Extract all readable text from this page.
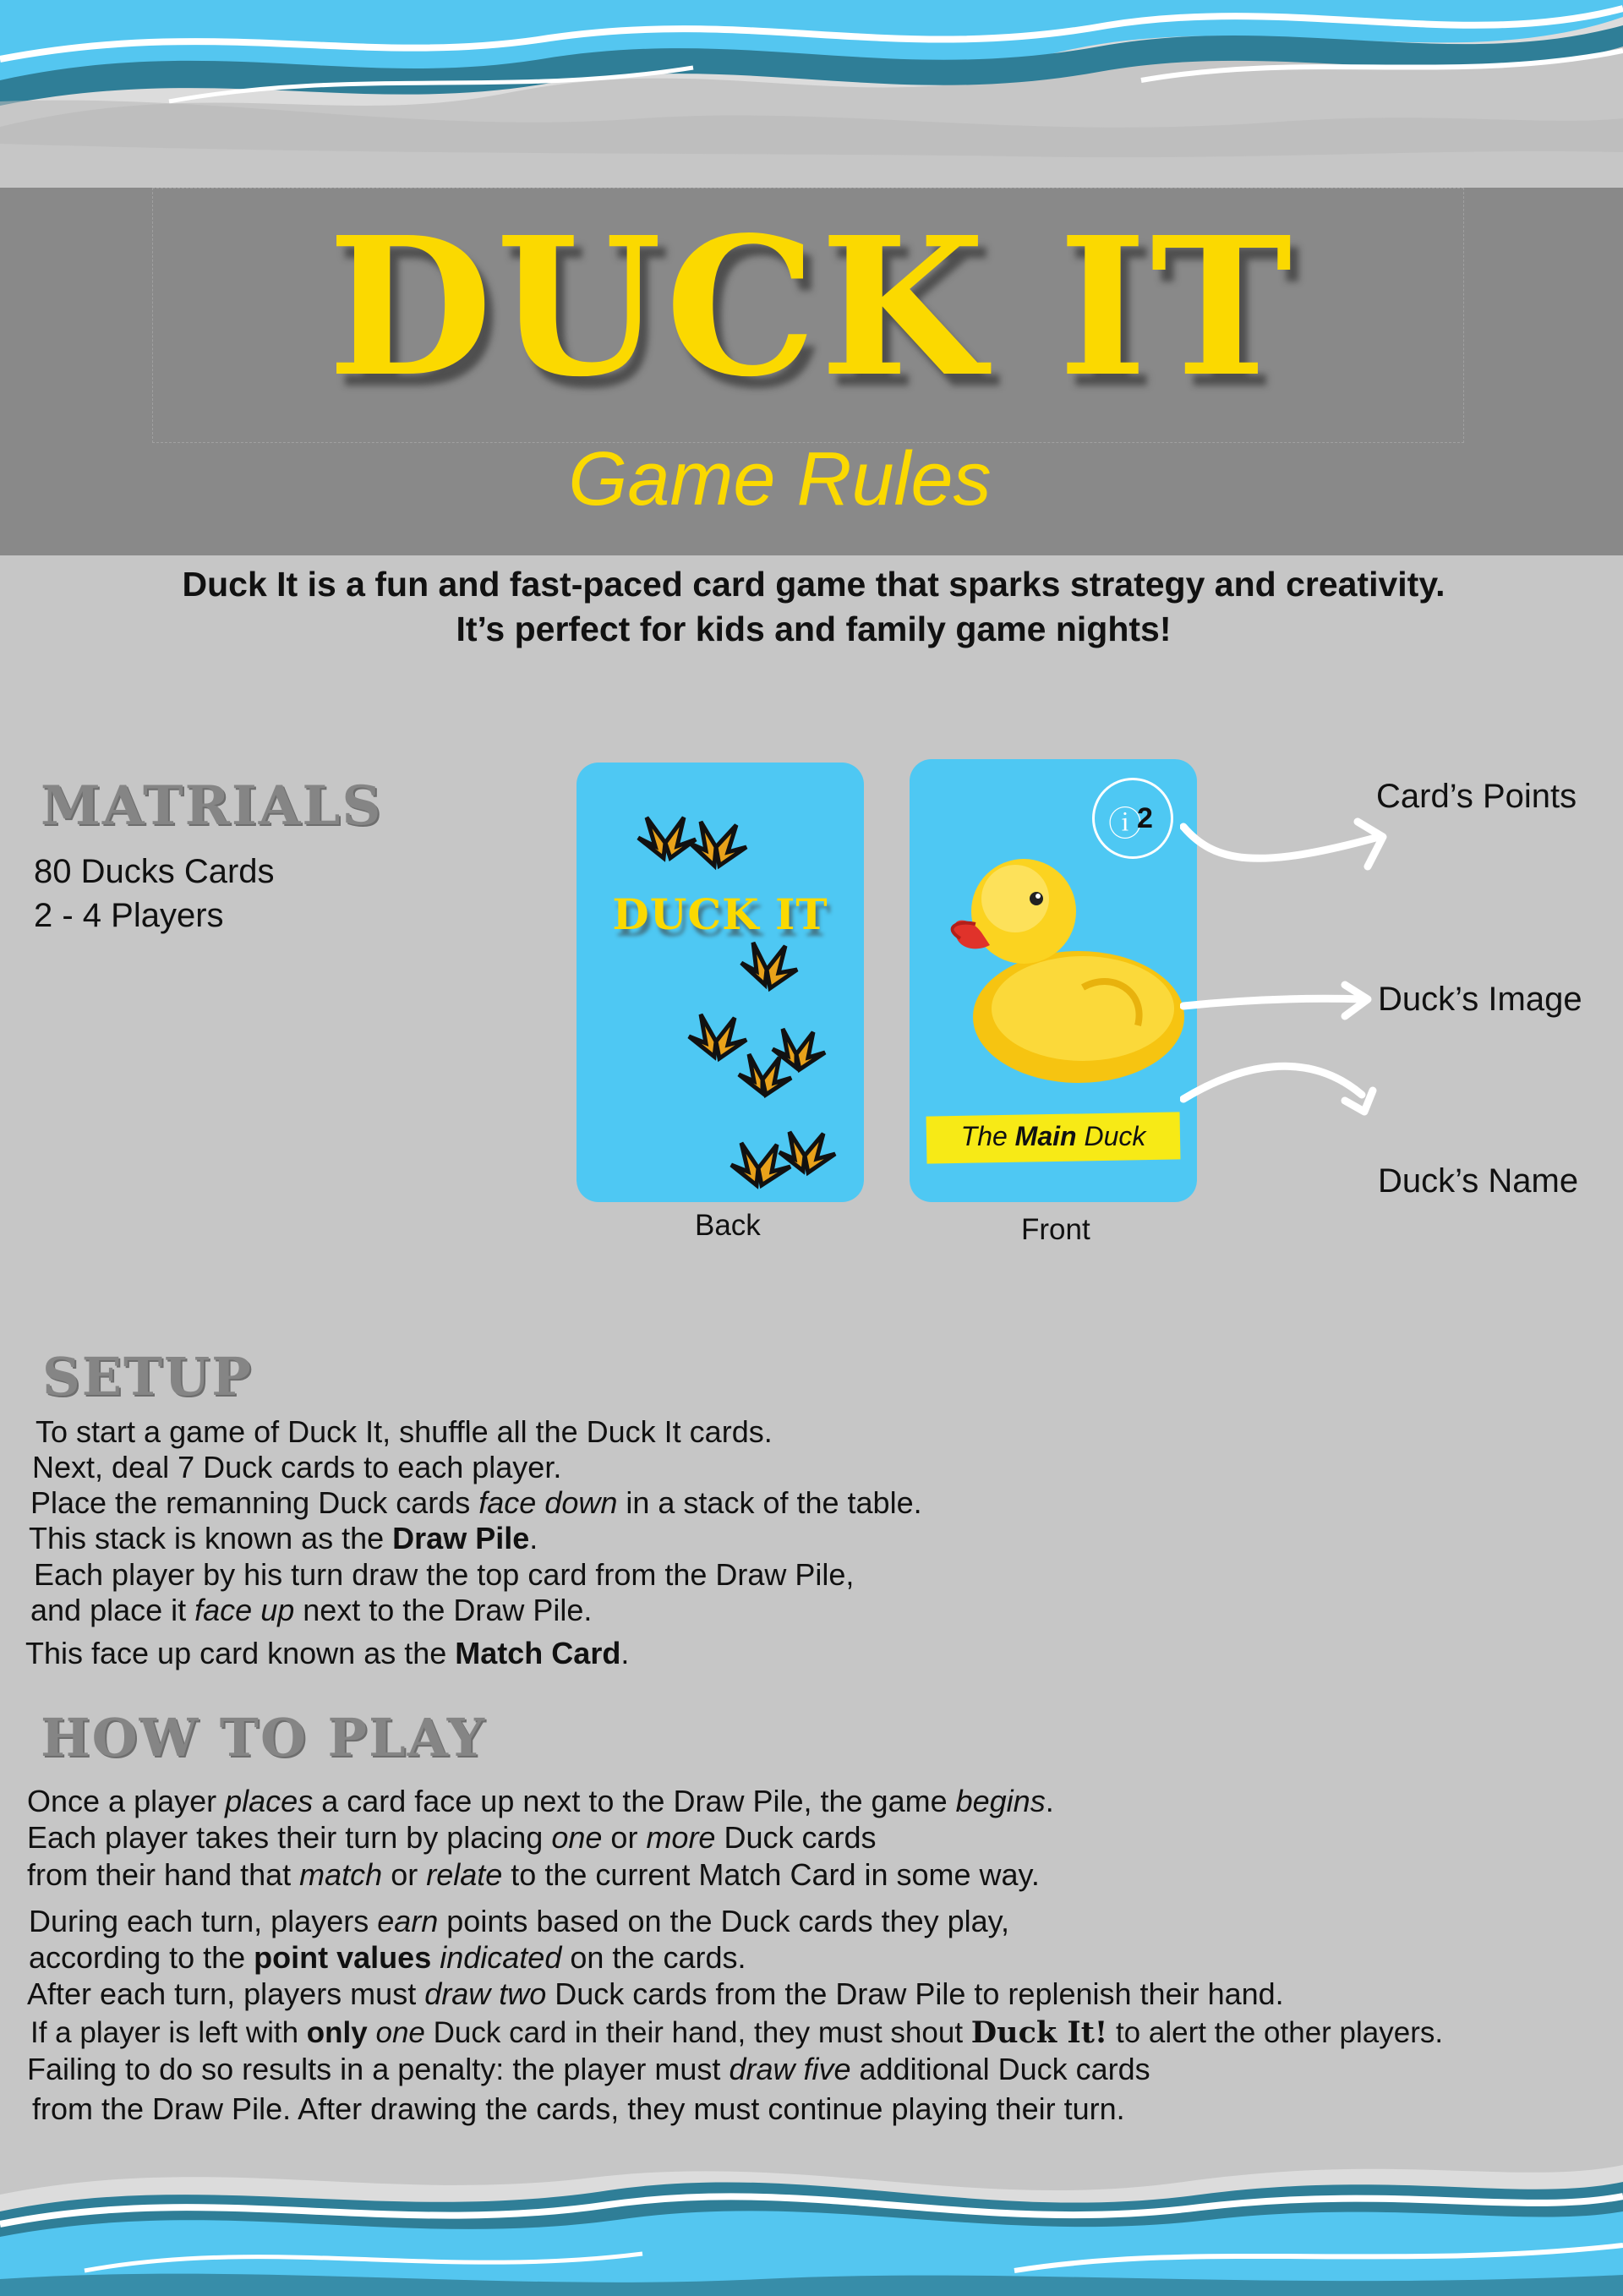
DUCK IT
Game Rules
Duck It is a fun and fast-paced card game that sparks strategy and creativity.
It’s perfect for kids and family game nights!
MATRIALS
80 Ducks Cards
2 - 4 Players	DUCK IT
Back
ⓘ
2
The Main Duck
Front
Card’s Points
Duck’s Image
Duck’s Name
SETUP
To start a game of Duck It, shuffle all the Duck It cards.
Next, deal 7 Duck cards to each player.
Place the remanning Duck cards face down in a stack of the table.
This stack is known as the Draw Pile.
Each player by his turn draw the top card from the Draw Pile,
and place it face up next to the Draw Pile.
This face up card known as the Match Card.
HOW TO PLAY
Once a player places a card face up next to the Draw Pile, the game begins.
Each player takes their turn by placing one or more Duck cards
from their hand that match or relate to the current Match Card in some way.
During each turn, players earn points based on the Duck cards they play,
according to the point values indicated on the cards.
After each turn, players must draw two Duck cards from the Draw Pile to replenish their hand.
If a player is left with only one Duck card in their hand, they must shout Duck It! to alert the other players.
Failing to do so results in a penalty: the player must draw five additional Duck cards
from the Draw Pile. After drawing the cards, they must continue playing their turn.
